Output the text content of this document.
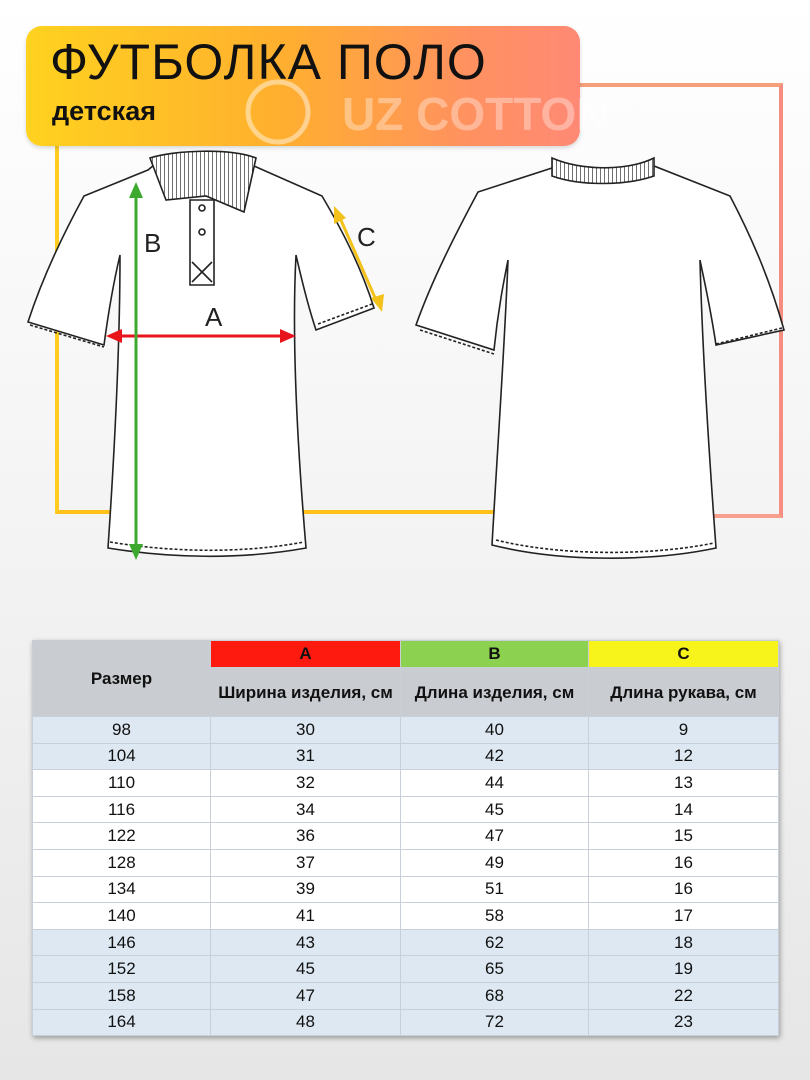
UZ COTTON
ФУТБОЛКА ПОЛО
детская
A
B	C
Размер	A	B	C
	Ширина изделия, см	Длина изделия, см	Длина рукава, см
98	30	40	9
104	31	42	12
110	32	44	13
116	34	45	14
122	36	47	15
128	37	49	16
134	39	51	16
140	41	58	17
146	43	62	18
152	45	65	19
158	47	68	22
164	48	72	23
